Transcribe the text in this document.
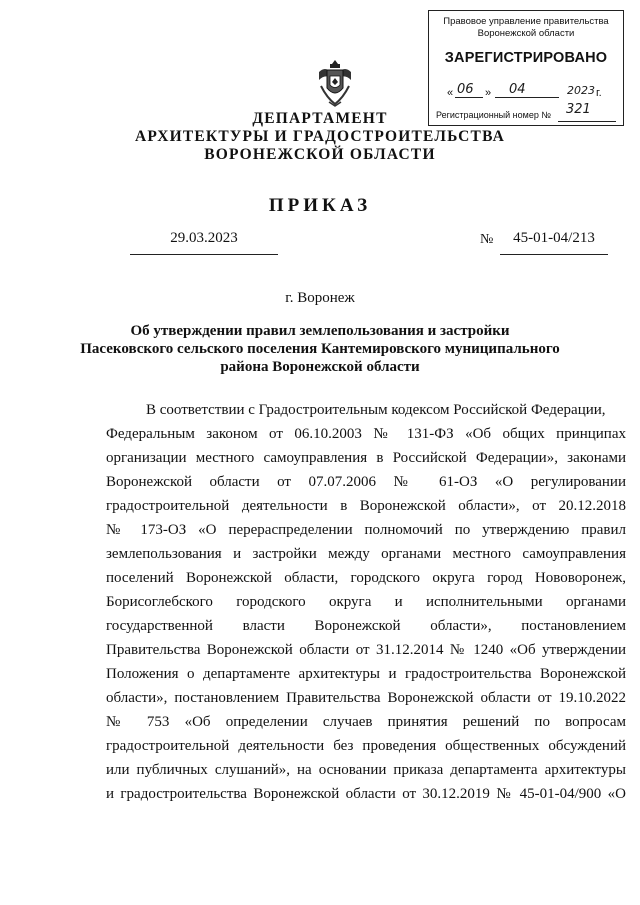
Правовое управление правительства
Воронежской области
ЗАРЕГИСТРИРОВАНО
« 06 » 04	2023 г.
Регистрационный номер № 321
ДЕПАРТАМЕНТ
АРХИТЕКТУРЫ И ГРАДОСТРОИТЕЛЬСТВА
ВОРОНЕЖСКОЙ ОБЛАСТИ
ПРИКАЗ
29.03.2023	№	45-01-04/213
г. Воронеж
Об утверждении правил землепользования и застройки
Пасековского сельского поселения Кантемировского муниципального
района Воронежской области
В соответствии с Градостроительным кодексом Российской Федерации,
Федеральным законом от 06.10.2003 № 131-ФЗ «Об общих принципах
организации местного самоуправления в Российской Федерации», законами
Воронежской области от 07.07.2006 № 61-ОЗ «О регулировании
градостроительной деятельности в Воронежской области», от 20.12.2018
№ 173-ОЗ «О перераспределении полномочий по утверждению правил
землепользования и застройки между органами местного самоуправления
поселений Воронежской области, городского округа город Нововоронеж,
Борисоглебского городского округа и исполнительными органами
государственной власти Воронежской области», постановлением
Правительства Воронежской области от 31.12.2014 № 1240 «Об утверждении
Положения о департаменте архитектуры и градостроительства Воронежской
области», постановлением Правительства Воронежской области от 19.10.2022
№ 753 «Об определении случаев принятия решений по вопросам
градостроительной деятельности без проведения общественных обсуждений
или публичных слушаний», на основании приказа департамента архитектуры
и градостроительства Воронежской области от 30.12.2019 № 45-01-04/900 «О
